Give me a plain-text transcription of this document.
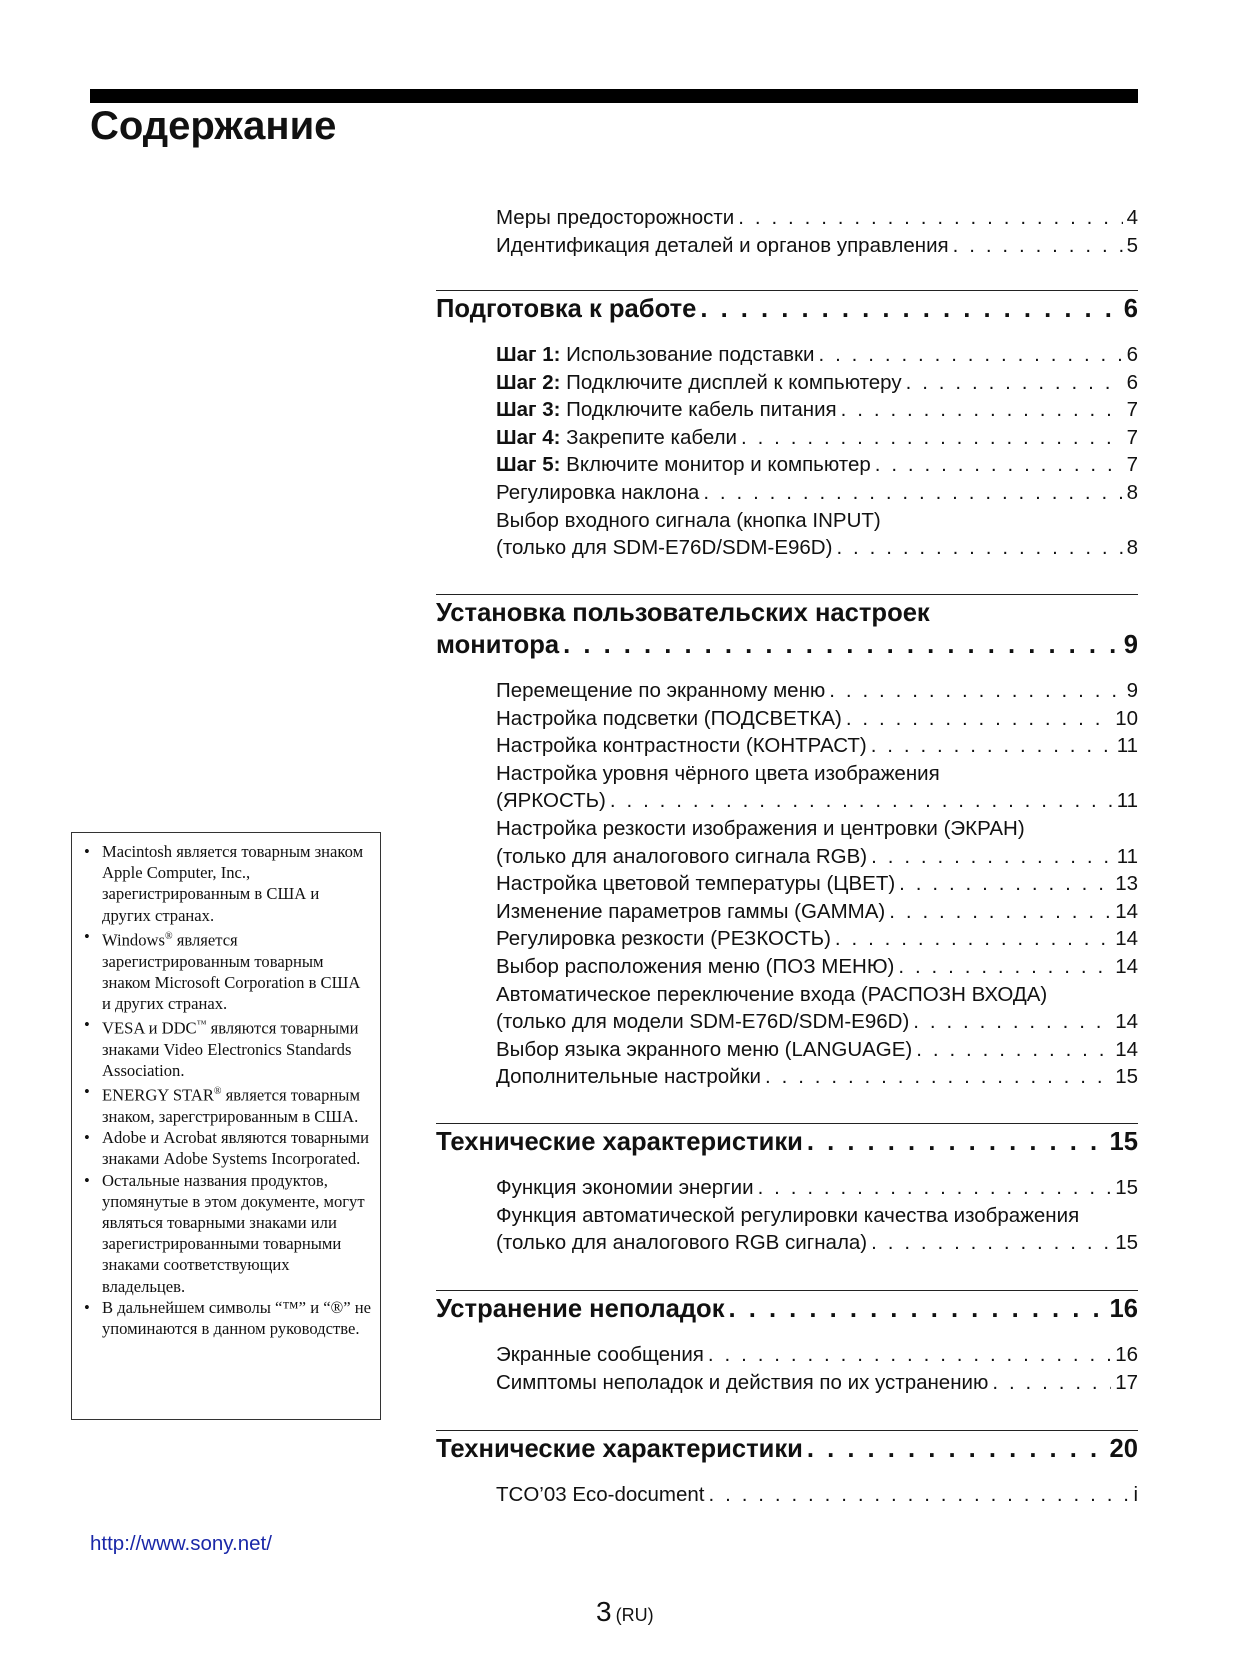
Содержание
Меры предосторожности . . .	4
Идентификация деталей и органов управления . . .	5
Подготовка к работе . . .	6
Шаг 1: Использование подставки . . .	6
Шаг 2: Подключите дисплей к компьютеру . . .	6
Шаг 3: Подключите кабель питания . . .	7
Шаг 4: Закрепите кабели . . .	7
Шаг 5: Включите монитор и компьютер . . .	7
Регулировка наклона . . .	8
Выбор входного сигнала (кнопка INPUT)
(только для SDM-E76D/SDM-E96D) . . .	8
Установка пользовательских настроек
монитора . . .	9
Перемещение по экранному меню . . .	9
Настройка подсветки (ПОДСВЕТКА) . . .	10
Настройка контрастности (КОНТРАСТ) . . .	11
Настройка уровня чёрного цвета изображения
(ЯРКОСТЬ) . . .	11
Настройка резкости изображения и центровки (ЭКРАН)
(только для аналогового сигнала RGB) . . .	11
Настройка цветовой температуры (ЦВЕТ) . . .	13
Изменение параметров гаммы (GAMMA) . . .	14
Регулировка резкости (РЕЗКОСТЬ) . . .	14
Выбор расположения меню (ПОЗ МЕНЮ) . . .	14
Автоматическое переключение входа (РАСПОЗН ВХОДА)
(только для модели SDM-E76D/SDM-E96D) . . .	14
Выбор языка экранного меню (LANGUAGE) . . .	14
Дополнительные настройки . . .	15
Технические характеристики . . .	15
Функция экономии энергии . . .	15
Функция автоматической регулировки качества изображения
(только для аналогового RGB сигнала) . . .	15
Устранение неполадок . . .	16
Экранные сообщения . . .	16
Симптомы неполадок и действия по их устранению . . .	17
Технические характеристики . . .	20
TCO’03 Eco-document . . .	i
• Macintosh является товарным знаком Apple Computer, Inc., зарегистрированным в США и других странах.
• Windows® является зарегистрированным товарным знаком Microsoft Corporation в США и других странах.
• VESA и DDC™ являются товарными знаками Video Electronics Standards Association.
• ENERGY STAR® является товарным знаком, зарегстрированным в США.
• Adobe и Acrobat являются товарными знаками Adobe Systems Incorporated.
• Остальные названия продуктов, упомянутые в этом документе, могут являться товарными знаками или зарегистрированными товарными знаками соответствующих владельцев.
• В дальнейшем символы “™” и “®” не упоминаются в данном руководстве.
http://www.sony.net/
3 (RU)
